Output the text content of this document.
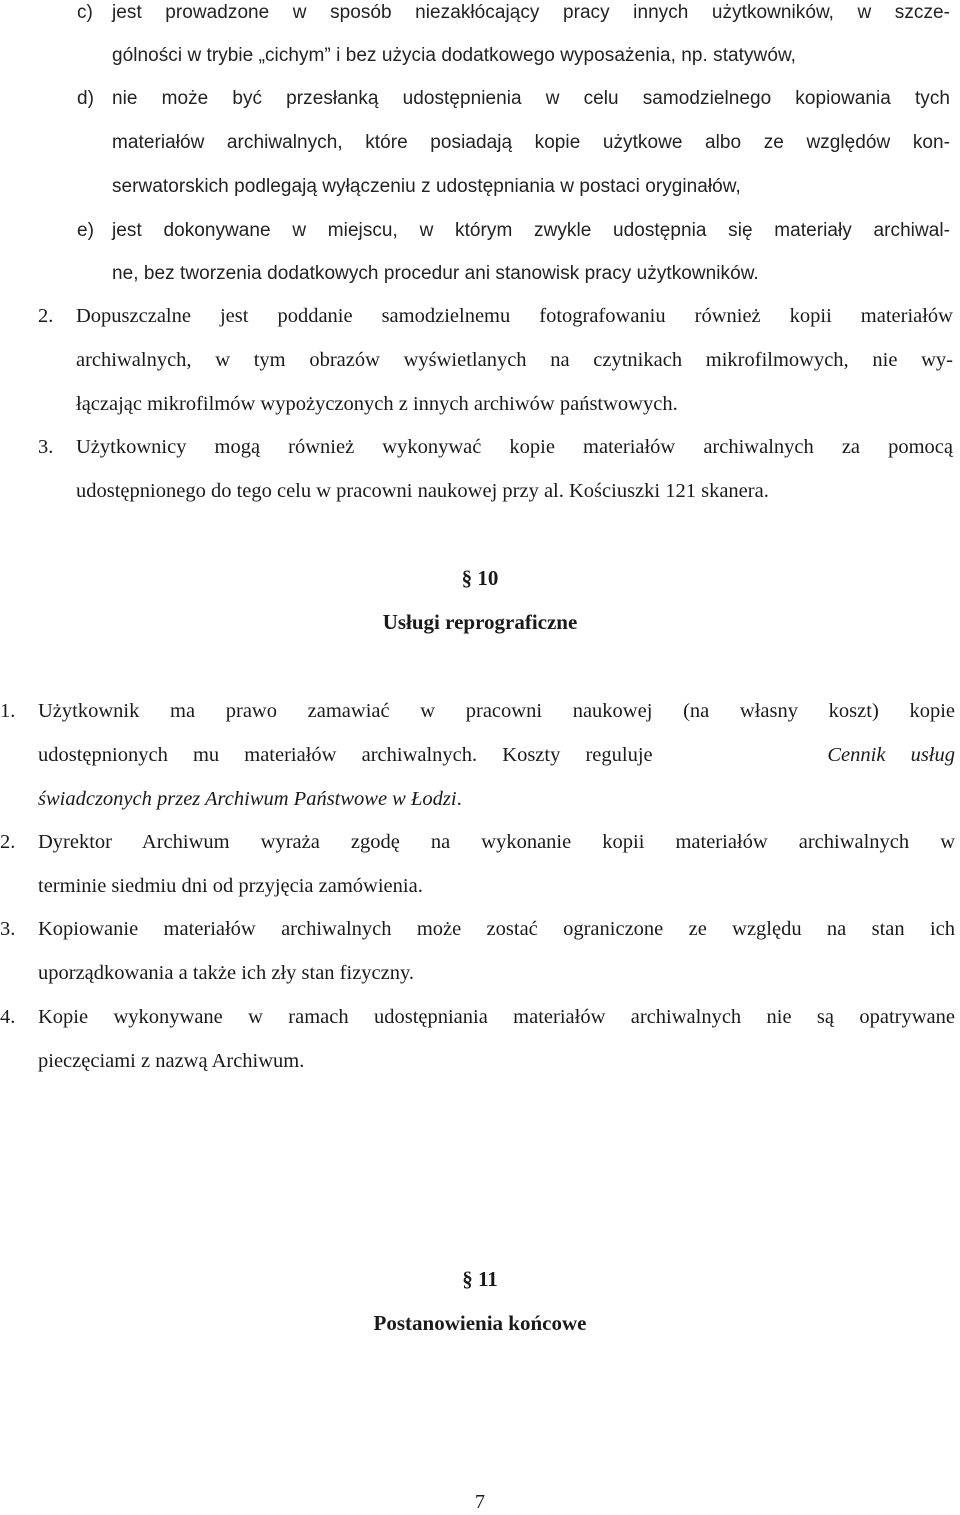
c) jest prowadzone w sposób niezakłócający pracy innych użytkowników, w szcze-
gólności w trybie „cichym” i bez użycia dodatkowego wyposażenia, np. statywów,
d) nie może być przesłanką udostępnienia w celu samodzielnego kopiowania tych
materiałów archiwalnych, które posiadają kopie użytkowe albo ze względów kon-
serwatorskich podlegają wyłączeniu z udostępniania w postaci oryginałów,
e) jest dokonywane w miejscu, w którym zwykle udostępnia się materiały archiwal-
ne, bez tworzenia dodatkowych procedur ani stanowisk pracy użytkowników.
2. Dopuszczalne jest poddanie samodzielnemu fotografowaniu również kopii materiałów
archiwalnych, w tym obrazów wyświetlanych na czytnikach mikrofilmowych, nie wy-
łączając mikrofilmów wypożyczonych z innych archiwów państwowych.
3. Użytkownicy mogą również wykonywać kopie materiałów archiwalnych za pomocą
udostępnionego do tego celu w pracowni naukowej przy al. Kościuszki 121 skanera.
§ 10
Usługi reprograficzne
1. Użytkownik ma prawo zamawiać w pracowni naukowej (na własny koszt) kopie
udostępnionych mu materiałów archiwalnych. Koszty reguluje	Cennik usług
świadczonych przez Archiwum Państwowe w Łodzi.
2. Dyrektor Archiwum wyraża zgodę na wykonanie kopii materiałów archiwalnych w
terminie siedmiu dni od przyjęcia zamówienia.
3. Kopiowanie materiałów archiwalnych może zostać ograniczone ze względu na stan ich
uporządkowania a także ich zły stan fizyczny.
4. Kopie wykonywane w ramach udostępniania materiałów archiwalnych nie są opatrywane
pieczęciami z nazwą Archiwum.
§ 11
Postanowienia końcowe
7
